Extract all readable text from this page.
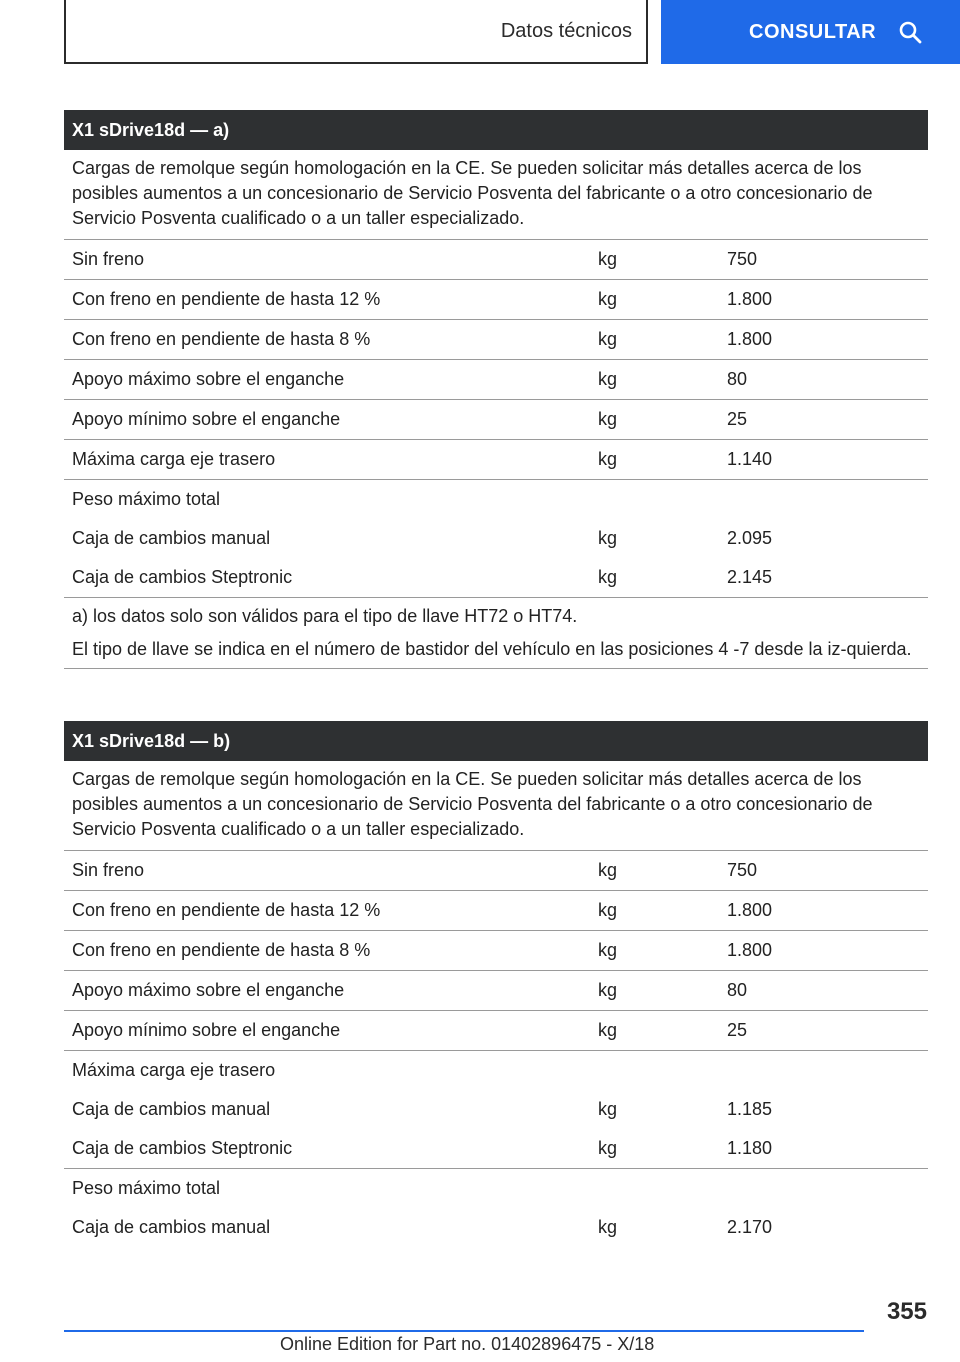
Datos técnicos	CONSULTAR
X1 sDrive18d — a)
Cargas de remolque según homologación en la CE. Se pueden solicitar más detalles acerca de los posibles aumentos a un concesionario de Servicio Posventa del fabricante o a otro concesionario de Servicio Posventa cualificado o a un taller especializado.
Sin freno	kg	750
Con freno en pendiente de hasta 12 %	kg	1.800
Con freno en pendiente de hasta 8 %	kg	1.800
Apoyo máximo sobre el enganche	kg	80
Apoyo mínimo sobre el enganche	kg	25
Máxima carga eje trasero	kg	1.140
Peso máximo total
Caja de cambios manual	kg	2.095
Caja de cambios Steptronic	kg	2.145

a) los datos solo son válidos para el tipo de llave HT72 o HT74.

El tipo de llave se indica en el número de bastidor del vehículo en las posiciones 4 -7 desde la iz-quierda.

X1 sDrive18d — b)
Cargas de remolque según homologación en la CE. Se pueden solicitar más detalles acerca de los posibles aumentos a un concesionario de Servicio Posventa del fabricante o a otro concesionario de Servicio Posventa cualificado o a un taller especializado.
Sin freno	kg	750
Con freno en pendiente de hasta 12 %	kg	1.800
Con freno en pendiente de hasta 8 %	kg	1.800
Apoyo máximo sobre el enganche	kg	80
Apoyo mínimo sobre el enganche	kg	25
Máxima carga eje trasero
Caja de cambios manual	kg	1.185
Caja de cambios Steptronic	kg	1.180
Peso máximo total
Caja de cambios manual	kg	2.170
355
Online Edition for Part no. 01402896475 - X/18
